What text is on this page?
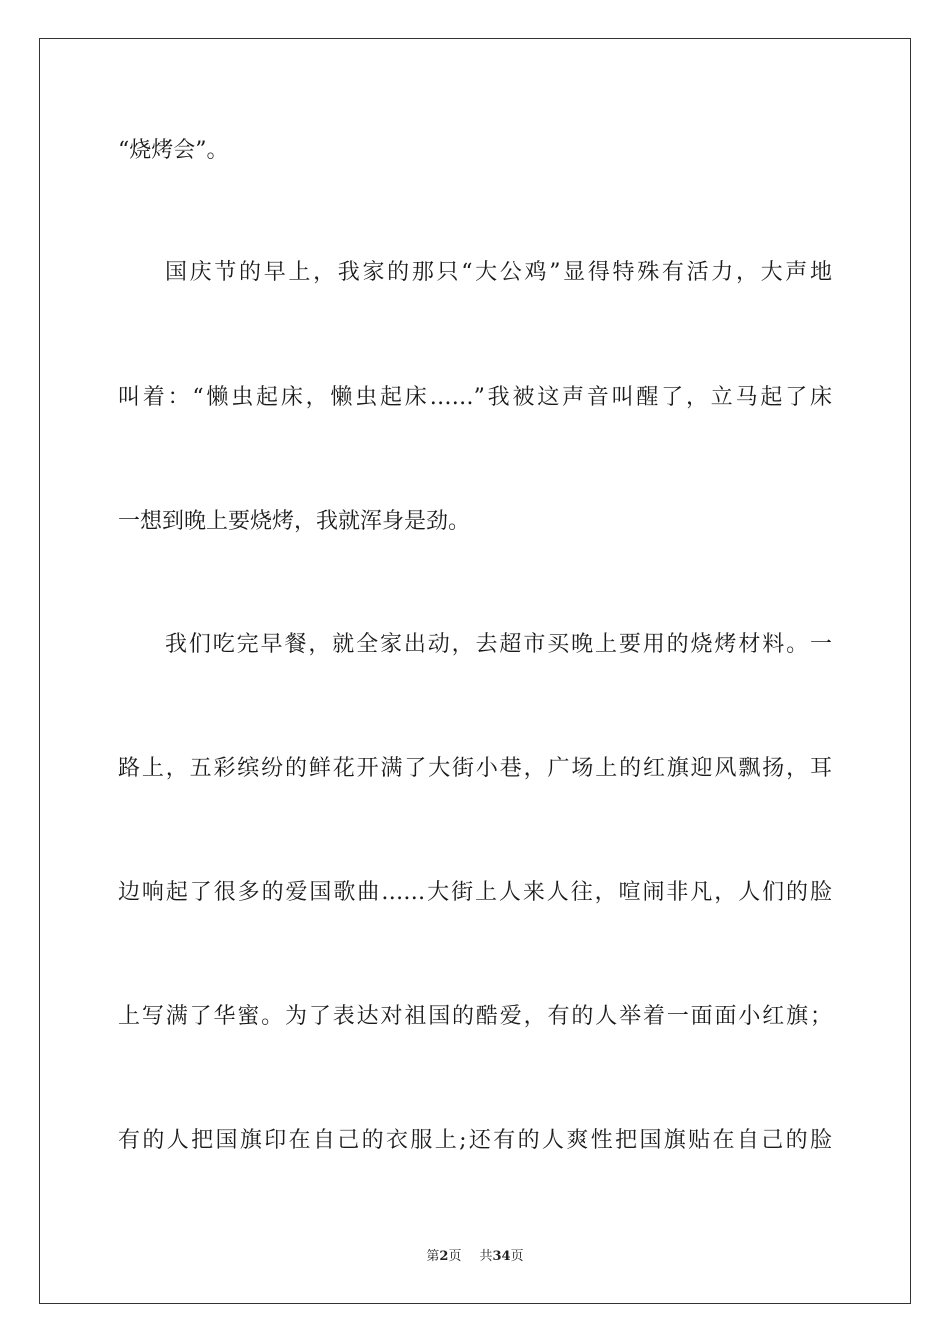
“烧烤会”。
国庆节的早上，我家的那只“大公鸡”显得特殊有活力，大声地
叫着：“懒虫起床，懒虫起床……”我被这声音叫醒了，立马起了床
一想到晚上要烧烤，我就浑身是劲。
我们吃完早餐，就全家出动，去超市买晚上要用的烧烤材料。一
路上，五彩缤纷的鲜花开满了大街小巷，广场上的红旗迎风飘扬，耳
边响起了很多的爱国歌曲……大街上人来人往，喧闹非凡，人们的脸
上写满了华蜜。为了表达对祖国的酷爱，有的人举着一面面小红旗；
有的人把国旗印在自己的衣服上;还有的人爽性把国旗贴在自己的脸
第2页 共34页
